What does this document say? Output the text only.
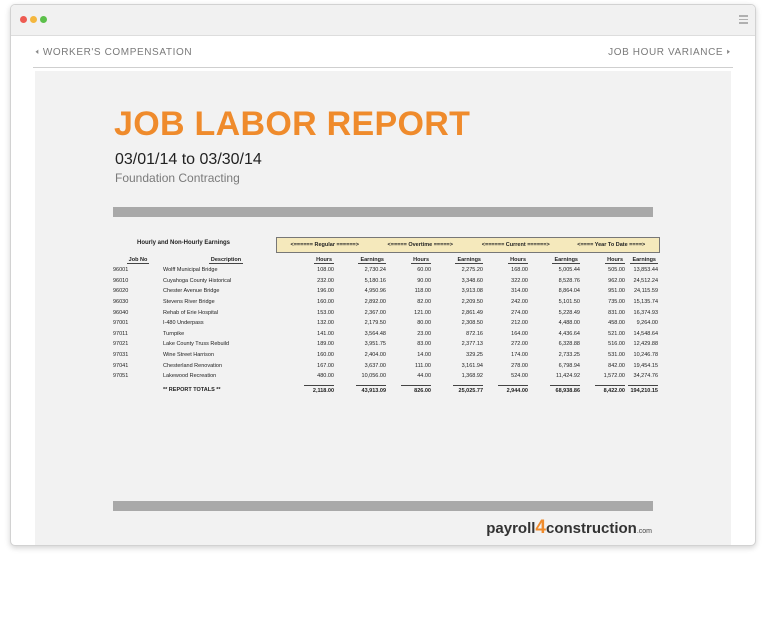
🢐 WORKER'S COMPENSATION	JOB HOUR VARIANCE 🢒
JOB LABOR REPORT
03/01/14 to 03/30/14
Foundation Contracting
Hourly and Non-Hourly Earnings	<====== Regular ======>	<===== Overtime =====>	<====== Current ======>	<==== Year To Date ====>
Job No	Description	Hours	Earnings	Hours	Earnings	Hours	Earnings	Hours	Earnings
96001	Wolff Municipal Bridge	108.00	2,730.24	60.00	2,275.20	168.00	5,005.44	505.00	13,853.44
96010	Cuyahoga County Historical	232.00	5,180.16	90.00	3,348.60	322.00	8,528.76	962.00	24,512.24
96020	Chester Avenue Bridge	196.00	4,950.96	118.00	3,913.08	314.00	8,864.04	951.00	24,115.59
96030	Stevens River Bridge	160.00	2,892.00	82.00	2,209.50	242.00	5,101.50	735.00	15,135.74
96040	Rehab of Erie Hospital	153.00	2,367.00	121.00	2,861.49	274.00	5,228.49	831.00	16,374.93
97001	I-480 Underpass	132.00	2,179.50	80.00	2,308.50	212.00	4,488.00	458.00	9,264.00
97011	Turnpike	141.00	3,564.48	23.00	872.16	164.00	4,436.64	521.00	14,548.64
97021	Lake County Truss Rebuild	189.00	3,951.75	83.00	2,377.13	272.00	6,328.88	516.00	12,429.88
97031	Wine Street Harrison	160.00	2,404.00	14.00	329.25	174.00	2,733.25	531.00	10,246.78
97041	Chesterland Renovation	167.00	3,637.00	111.00	3,161.94	278.00	6,798.94	842.00	19,454.15
97051	Lakewood Recreation	480.00	10,056.00	44.00	1,368.92	524.00	11,424.92	1,572.00	34,274.76
	** REPORT TOTALS **	2,118.00	43,913.09	826.00	25,025.77	2,944.00	68,938.86	8,422.00	194,210.15
payroll4construction.com
